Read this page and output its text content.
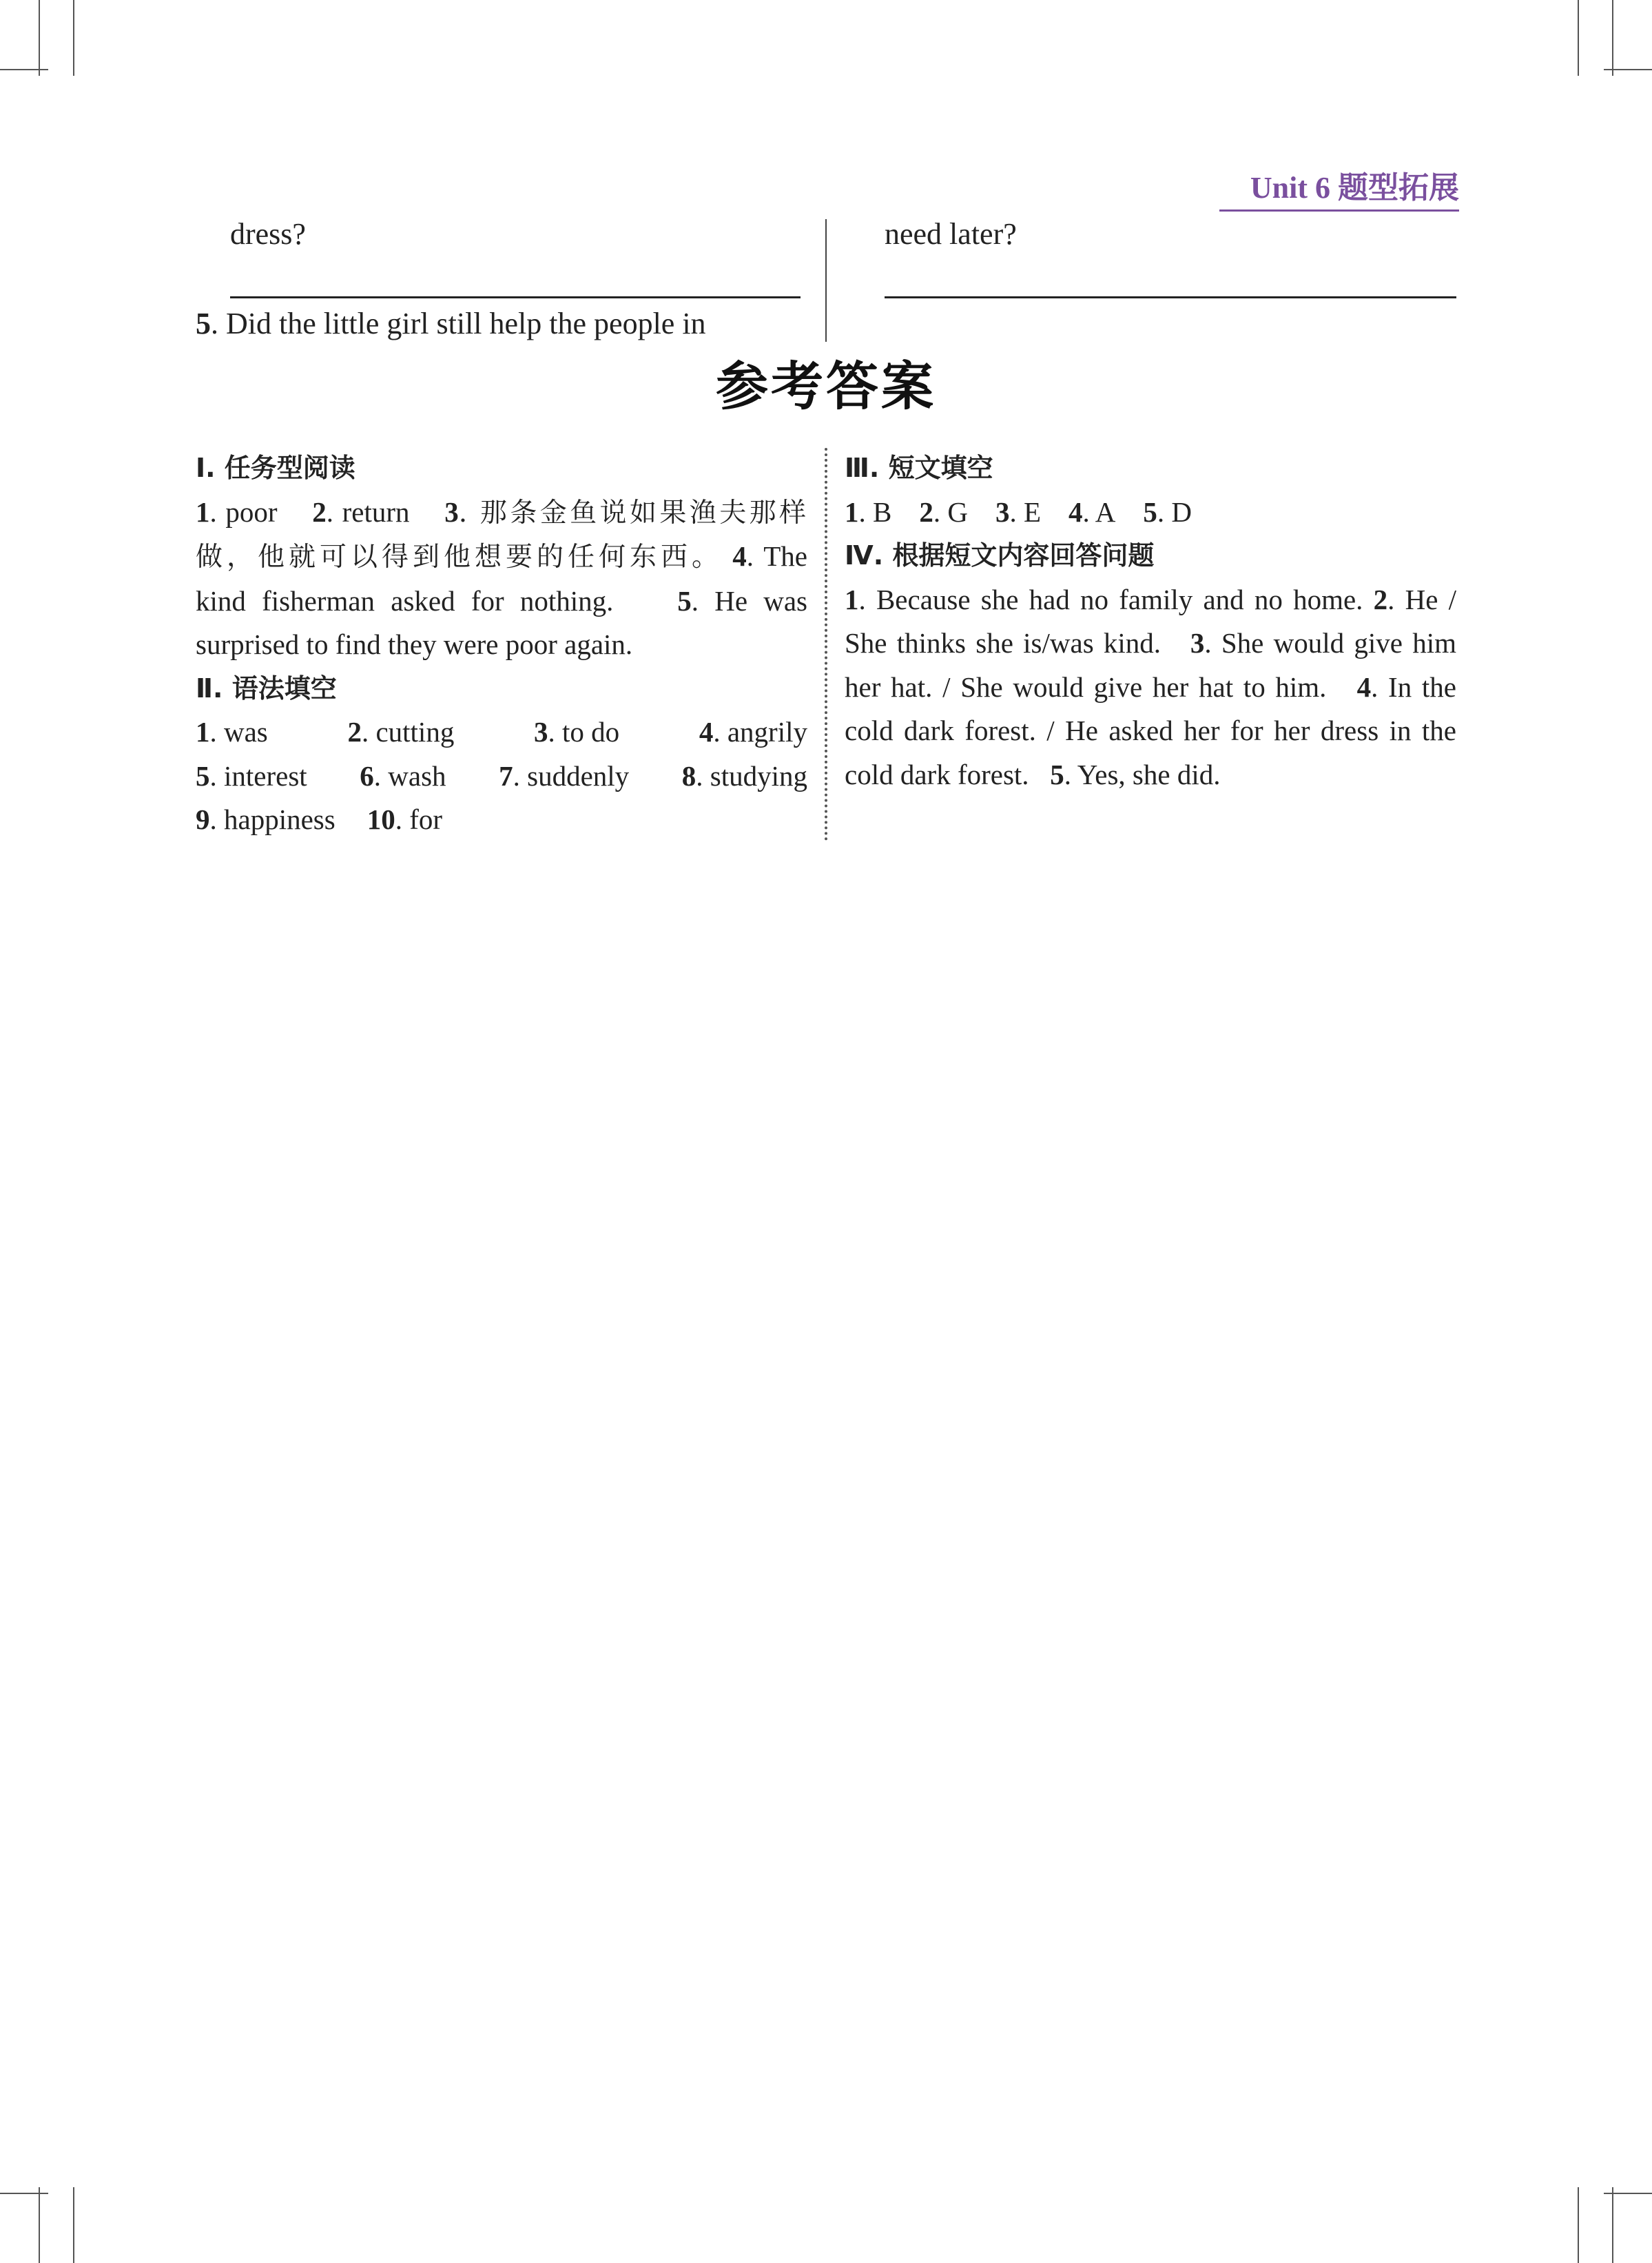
Unit 6 题型拓展
dress?
5. Did the little girl still help the people in
need later?
参考答案
Ⅰ. 任务型阅读
1. poor 2. return 3. 那条金鱼说如果渔夫那样做，他就可以得到他想要的任何东西。 4. The kind fisherman asked for nothing. 5. He was surprised to find they were poor again.
Ⅱ. 语法填空
1. was	2. cutting	3. to do	4. angrily
5. interest 6. wash 7. suddenly 8. studying
9. happiness 10. for
Ⅲ. 短文填空
1. B 2. G 3. E 4. A 5. D
Ⅳ. 根据短文内容回答问题
1. Because she had no family and no home. 2. He / She thinks she is/was kind. 3. She would give him her hat. / She would give her hat to him. 4. In the cold dark forest. / He asked her for her dress in the cold dark forest. 5. Yes, she did.
